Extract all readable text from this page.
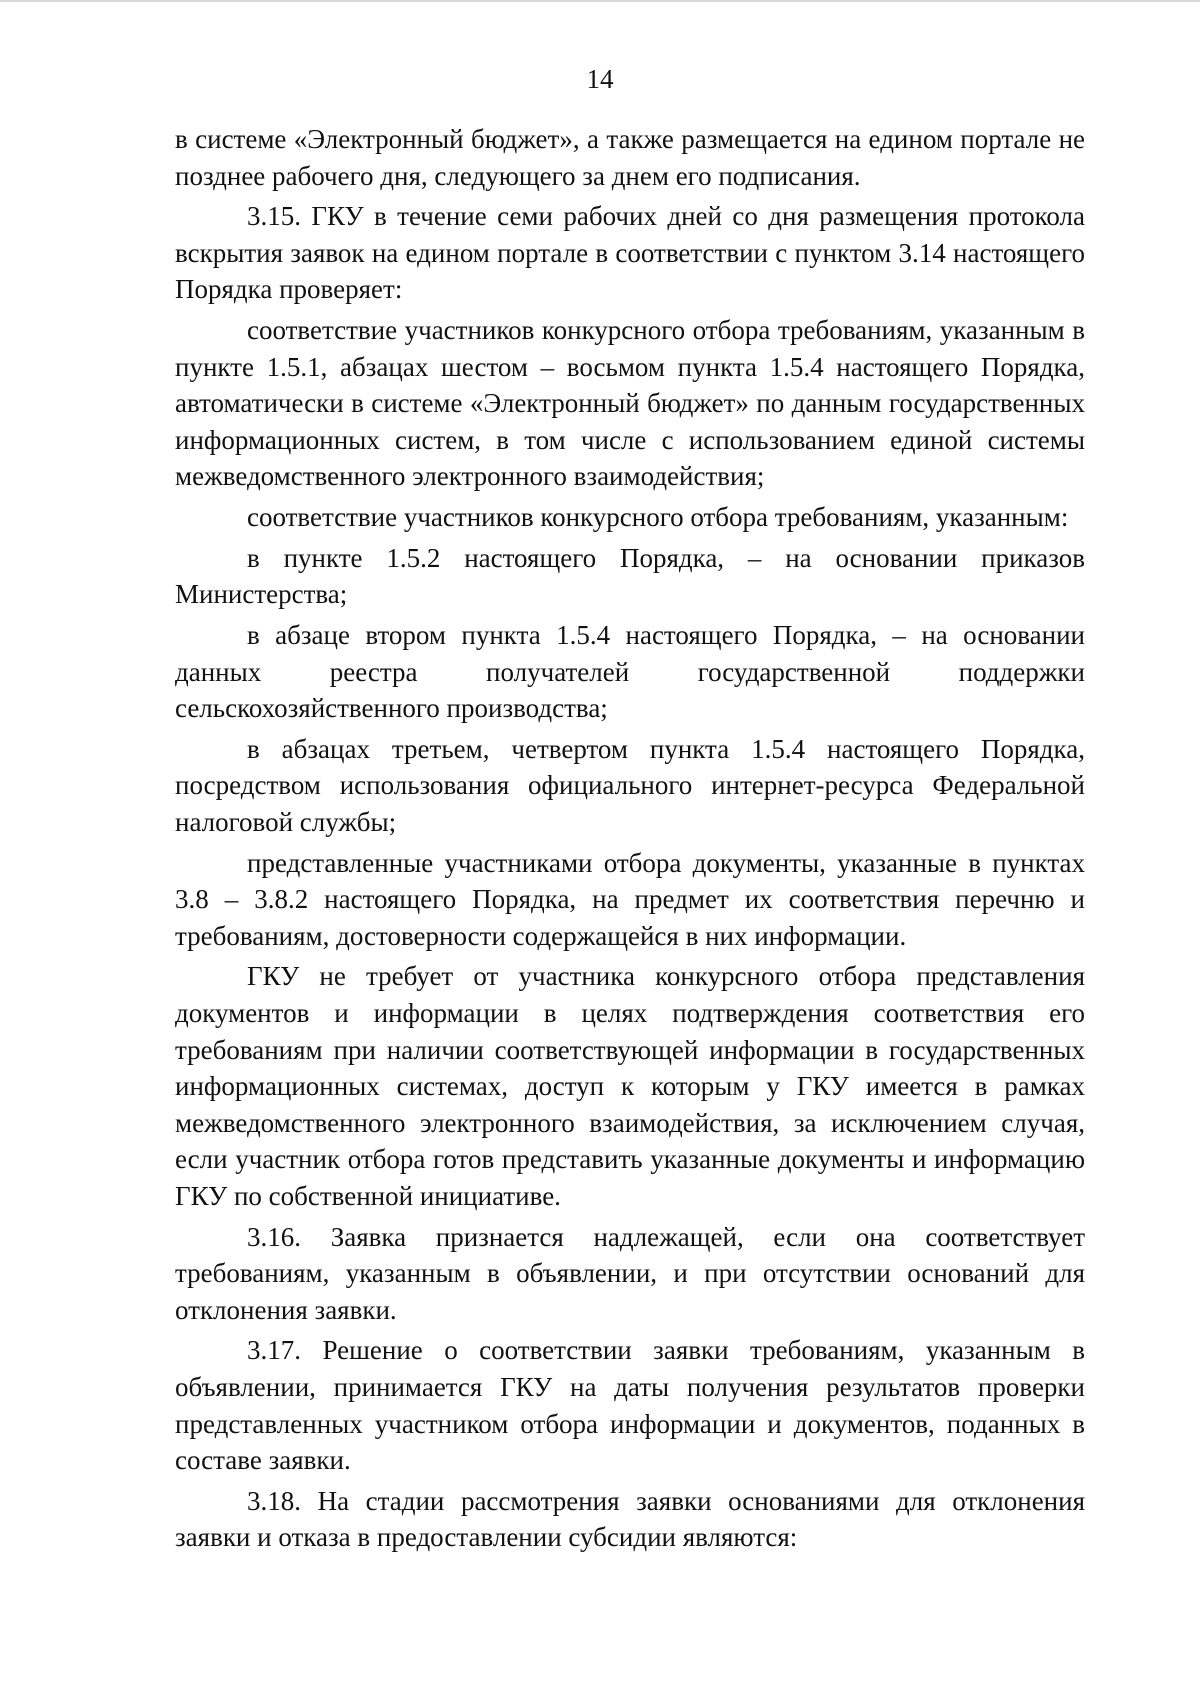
14

в системе «Электронный бюджет», а также размещается на едином портале не позднее рабочего дня, следующего за днем его подписания.

3.15. ГКУ в течение семи рабочих дней со дня размещения протокола вскрытия заявок на едином портале в соответствии с пунктом 3.14 настоящего Порядка проверяет:

соответствие участников конкурсного отбора требованиям, указанным в пункте 1.5.1, абзацах шестом – восьмом пункта 1.5.4 настоящего Порядка, автоматически в системе «Электронный бюджет» по данным государственных информационных систем, в том числе с использованием единой системы межведомственного электронного взаимодействия;

соответствие участников конкурсного отбора требованиям, указанным:

в пункте 1.5.2 настоящего Порядка, – на основании приказов Министерства;

в абзаце втором пункта 1.5.4 настоящего Порядка, – на основании данных реестра получателей государственной поддержки сельскохозяйственного производства;

в абзацах третьем, четвертом пункта 1.5.4 настоящего Порядка, посредством использования официального интернет-ресурса Федеральной налоговой службы;

представленные участниками отбора документы, указанные в пунктах 3.8 – 3.8.2 настоящего Порядка, на предмет их соответствия перечню и требованиям, достоверности содержащейся в них информации.

ГКУ не требует от участника конкурсного отбора представления документов и информации в целях подтверждения соответствия его требованиям при наличии соответствующей информации в государственных информационных системах, доступ к которым у ГКУ имеется в рамках межведомственного электронного взаимодействия, за исключением случая, если участник отбора готов представить указанные документы и информацию ГКУ по собственной инициативе.

3.16. Заявка признается надлежащей, если она соответствует требованиям, указанным в объявлении, и при отсутствии оснований для отклонения заявки.

3.17. Решение о соответствии заявки требованиям, указанным в объявлении, принимается ГКУ на даты получения результатов проверки представленных участником отбора информации и документов, поданных в составе заявки.

3.18. На стадии рассмотрения заявки основаниями для отклонения заявки и отказа в предоставлении субсидии являются:
